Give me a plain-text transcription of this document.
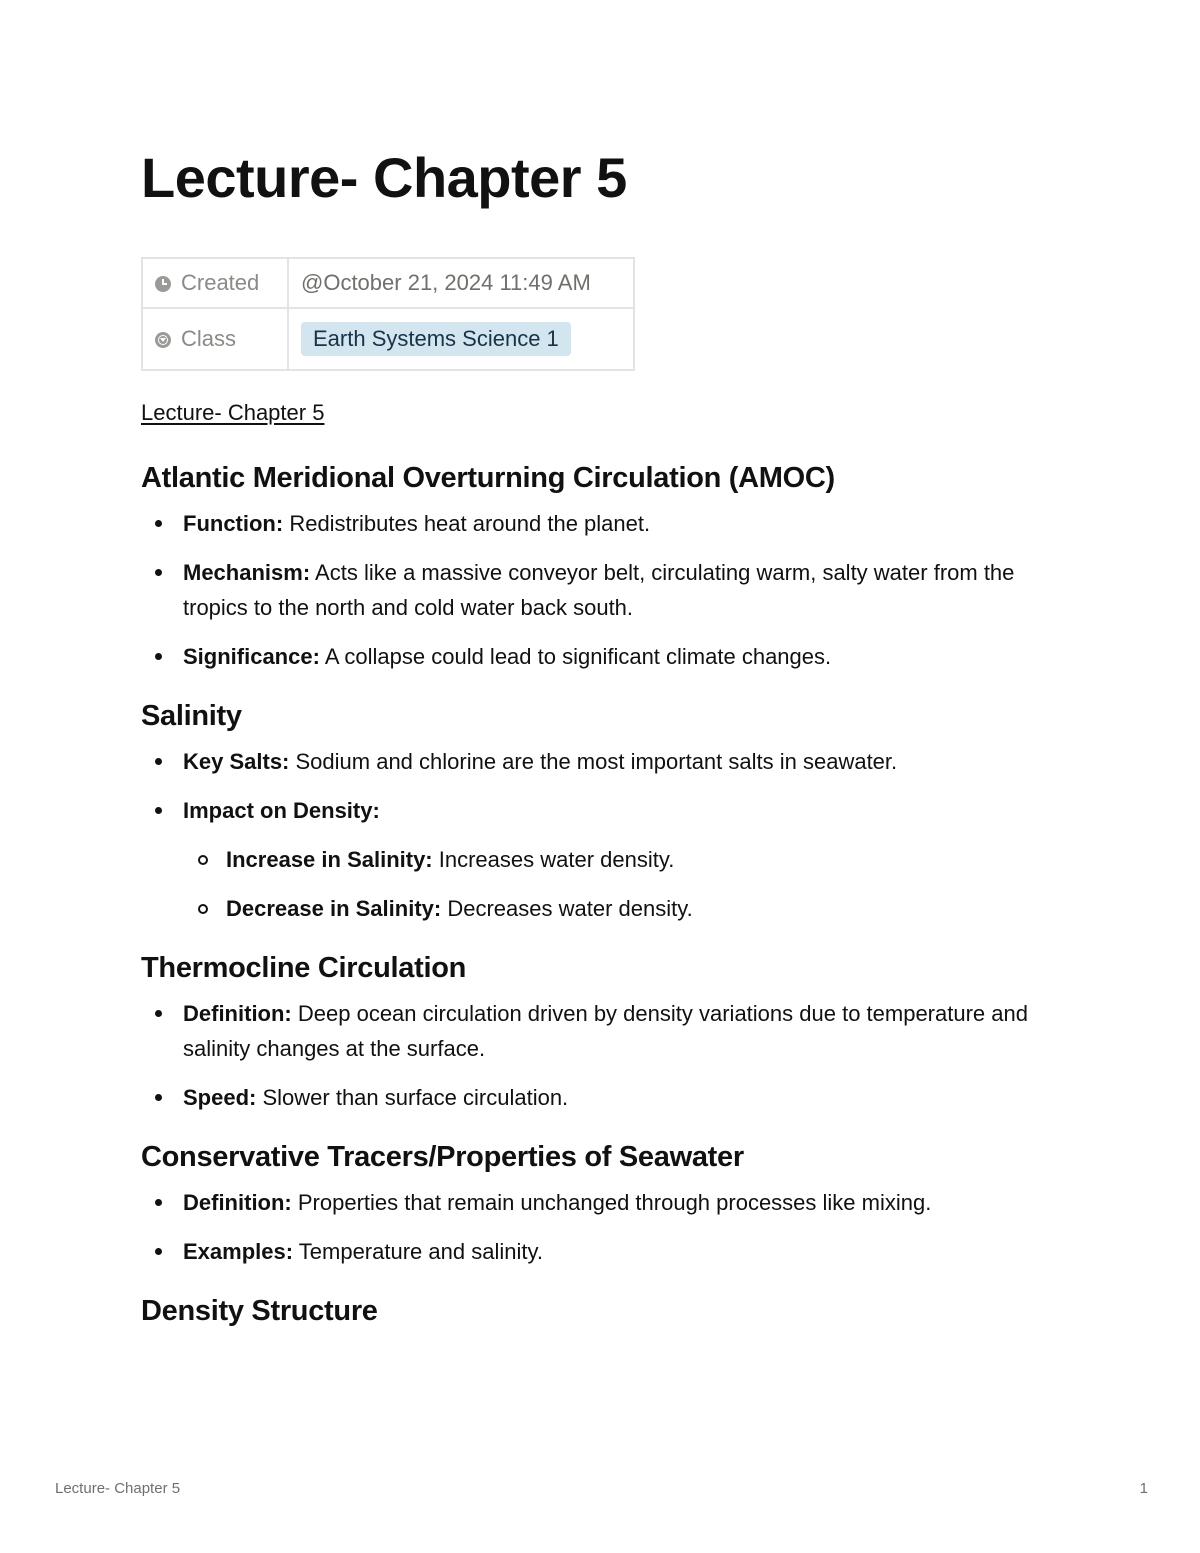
Lecture- Chapter 5
Created	@October 21, 2024 11:49 AM
Class	Earth Systems Science 1
Lecture- Chapter 5
Atlantic Meridional Overturning Circulation (AMOC)
Function: Redistributes heat around the planet.
Mechanism: Acts like a massive conveyor belt, circulating warm, salty water from the tropics to the north and cold water back south.
Significance: A collapse could lead to significant climate changes.
Salinity
Key Salts: Sodium and chlorine are the most important salts in seawater.
Impact on Density:
Increase in Salinity: Increases water density.
Decrease in Salinity: Decreases water density.
Thermocline Circulation
Definition: Deep ocean circulation driven by density variations due to temperature and salinity changes at the surface.
Speed: Slower than surface circulation.
Conservative Tracers/Properties of Seawater
Definition: Properties that remain unchanged through processes like mixing.
Examples: Temperature and salinity.
Density Structure
Lecture- Chapter 5	1
